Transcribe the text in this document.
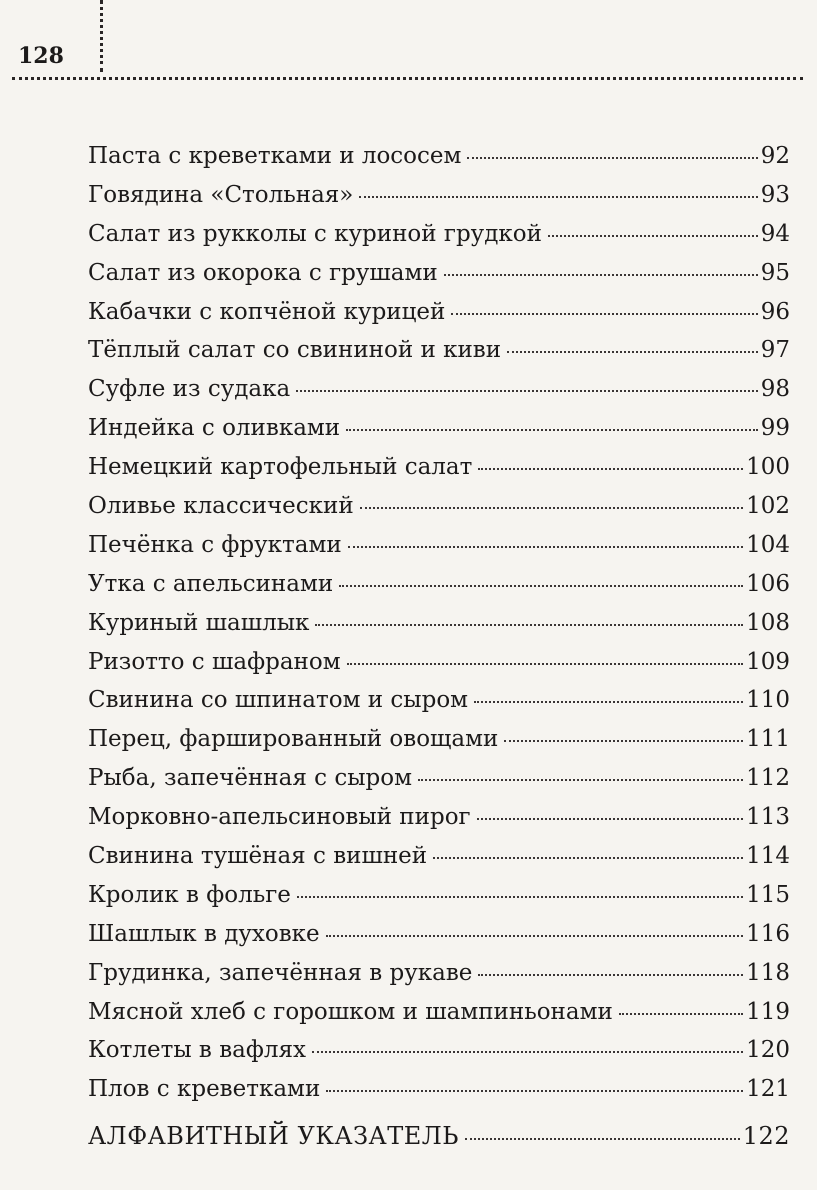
128
Паста с креветками и лососем	92
Говядина «Стольная»	93
Салат из рукколы с куриной грудкой	94
Салат из окорока с грушами	95
Кабачки с копчёной курицей	96
Тёплый салат со свининой и киви	97
Суфле из судака	98
Индейка с оливками	99
Немецкий картофельный салат	100
Оливье классический	102
Печёнка с фруктами	104
Утка с апельсинами	106
Куриный шашлык	108
Ризотто с шафраном	109
Свинина со шпинатом и сыром	110
Перец, фаршированный овощами	111
Рыба, запечённая с сыром	112
Морковно-апельсиновый пирог	113
Свинина тушёная с вишней	114
Кролик в фольге	115
Шашлык в духовке	116
Грудинка, запечённая в рукаве	118
Мясной хлеб с горошком и шампиньонами	119
Котлеты в вафлях	120
Плов с креветками	121
АЛФАВИТНЫЙ УКАЗАТЕЛЬ	122
